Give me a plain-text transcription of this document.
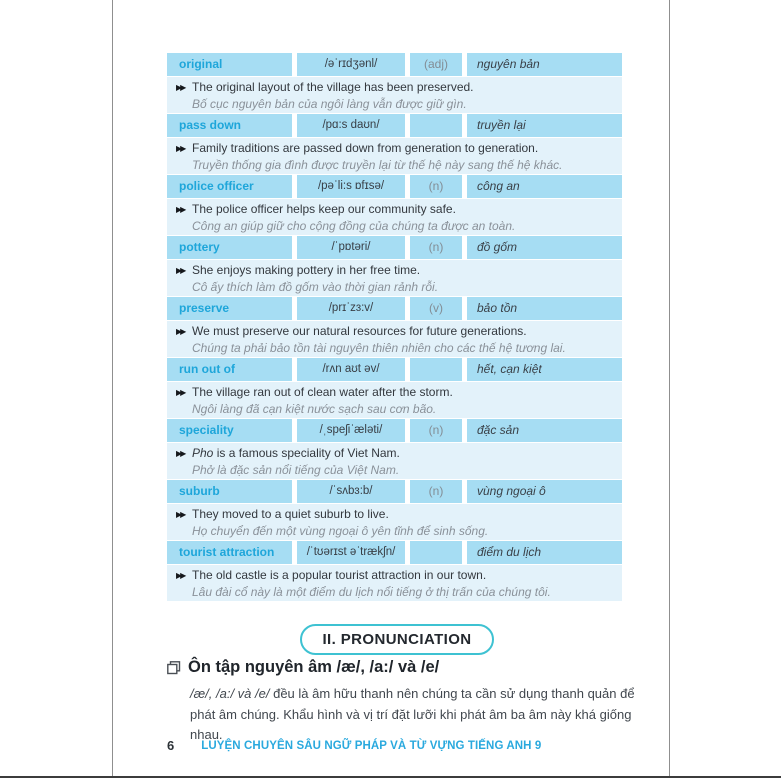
original	/əˈrɪdʒənl/	(adj)	nguyên bản
▶▶ The original layout of the village has been preserved.
Bố cục nguyên bản của ngôi làng vẫn được giữ gìn.
pass down	/pɑ:s daʊn/	truyền lại
▶▶ Family traditions are passed down from generation to generation.
Truyền thống gia đình được truyền lại từ thế hệ này sang thế hệ khác.
police officer	/pəˈli:s ɒfɪsə/	(n)	công an
▶▶ The police officer helps keep our community safe.
Công an giúp giữ cho cộng đồng của chúng ta được an toàn.
pottery	/ˈpɒtəri/	(n)	đồ gốm
▶▶ She enjoys making pottery in her free time.
Cô ấy thích làm đồ gốm vào thời gian rảnh rỗi.
preserve	/prɪˈzɜ:v/	(v)	bảo tồn
▶▶ We must preserve our natural resources for future generations.
Chúng ta phải bảo tồn tài nguyên thiên nhiên cho các thế hệ tương lai.
run out of	/rʌn aʊt əv/	hết, cạn kiệt
▶▶ The village ran out of clean water after the storm.
Ngôi làng đã cạn kiệt nước sạch sau cơn bão.
speciality	/ˌspeʃiˈæləti/	(n)	đặc sản
▶▶ Pho is a famous speciality of Viet Nam.
Phở là đặc sản nổi tiếng của Việt Nam.
suburb	/ˈsʌbɜ:b/	(n)	vùng ngoại ô
▶▶ They moved to a quiet suburb to live.
Họ chuyển đến một vùng ngoại ô yên tĩnh để sinh sống.
tourist attraction	/ˈtʊərɪst əˈtrækʃn/	điểm du lịch
▶▶ The old castle is a popular tourist attraction in our town.
Lâu đài cổ này là một điểm du lịch nổi tiếng ở thị trấn của chúng tôi.
II. PRONUNCIATION
Ôn tập nguyên âm /æ/, /a:/ và /e/
/æ/, /a:/ và /e/ đều là âm hữu thanh nên chúng ta cần sử dụng thanh quản để phát âm chúng. Khẩu hình và vị trí đặt lưỡi khi phát âm ba âm này khá giống nhau.
6 LUYỆN CHUYÊN SÂU NGỮ PHÁP VÀ TỪ VỰNG TIẾNG ANH 9
